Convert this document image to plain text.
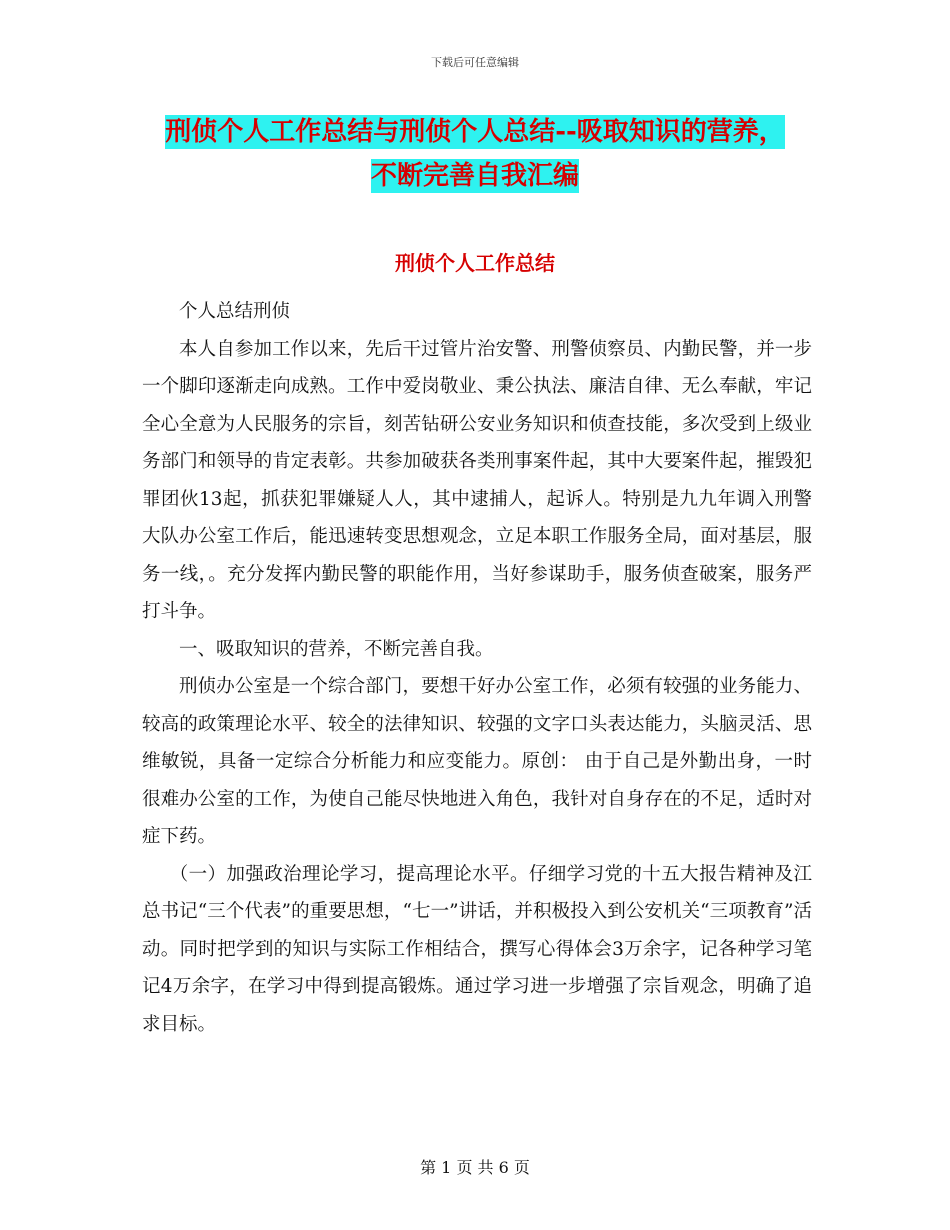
下载后可任意编辑
刑侦个人工作总结与刑侦个人总结--吸取知识的营养，
不断完善自我汇编
刑侦个人工作总结

个人总结刑侦

本人自参加工作以来，先后干过管片治安警、刑警侦察员、内勤民警，并一步一个脚印逐渐走向成熟。工作中爱岗敬业、秉公执法、廉洁自律、无么奉献，牢记全心全意为人民服务的宗旨，刻苦钻研公安业务知识和侦查技能，多次受到上级业务部门和领导的肯定表彰。共参加破获各类刑事案件起，其中大要案件起，摧毁犯罪团伙13起，抓获犯罪嫌疑人人，其中逮捕人，起诉人。特别是九九年调入刑警大队办公室工作后，能迅速转变思想观念，立足本职工作服务全局，面对基层，服务一线，。充分发挥内勤民警的职能作用，当好参谋助手，服务侦查破案，服务严打斗争。

一、吸取知识的营养，不断完善自我。

刑侦办公室是一个综合部门，要想干好办公室工作，必须有较强的业务能力、较高的政策理论水平、较全的法律知识、较强的文字口头表达能力，头脑灵活、思维敏锐，具备一定综合分析能力和应变能力。原创： 由于自己是外勤出身，一时很难办公室的工作，为使自己能尽快地进入角色，我针对自身存在的不足，适时对症下药。

（一）加强政治理论学习，提高理论水平。仔细学习党的十五大报告精神及江总书记“三个代表”的重要思想，“七一”讲话，并积极投入到公安机关“三项教育”活动。同时把学到的知识与实际工作相结合，撰写心得体会3万余字，记各种学习笔记4万余字，在学习中得到提高锻炼。通过学习进一步增强了宗旨观念，明确了追求目标。

第 1 页 共 6 页
